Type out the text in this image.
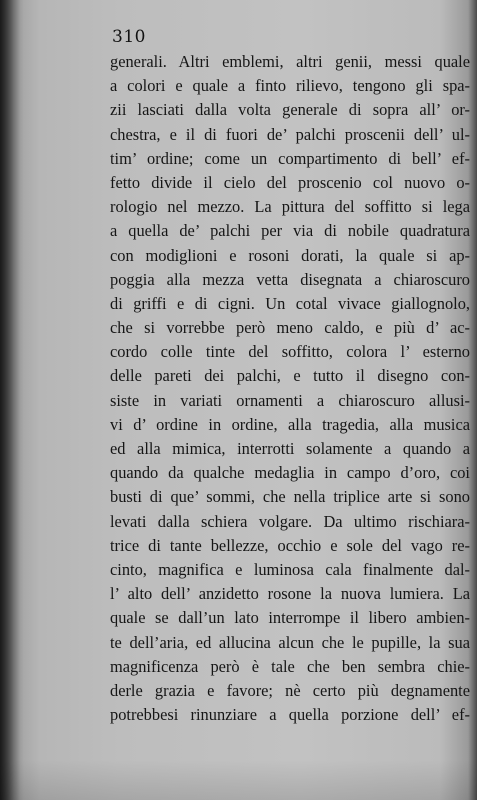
310
generali. Altri emblemi, altri genii, messi quale
a colori e quale a finto rilievo, tengono gli spa-
zii lasciati dalla volta generale di sopra all’ or-
chestra, e il di fuori de’ palchi proscenii dell’ ul-
tim’ ordine; come un compartimento di bell’ ef-
fetto divide il cielo del proscenio col nuovo o-
rologio nel mezzo. La pittura del soffitto si lega
a quella de’ palchi per via di nobile quadratura
con modiglioni e rosoni dorati, la quale si ap-
poggia alla mezza vetta disegnata a chiaroscuro
di griffi e di cigni. Un cotal vivace giallognolo,
che si vorrebbe però meno caldo, e più d’ ac-
cordo colle tinte del soffitto, colora l’ esterno
delle pareti dei palchi, e tutto il disegno con-
siste in variati ornamenti a chiaroscuro allusi-
vi d’ ordine in ordine, alla tragedia, alla musica
ed alla mimica, interrotti solamente a quando a
quando da qualche medaglia in campo d’oro, coi
busti di que’ sommi, che nella triplice arte si sono
levati dalla schiera volgare. Da ultimo rischiara-
trice di tante bellezze, occhio e sole del vago re-
cinto, magnifica e luminosa cala finalmente dal-
l’ alto dell’ anzidetto rosone la nuova lumiera. La
quale se dall’un lato interrompe il libero ambien-
te dell’aria, ed allucina alcun che le pupille, la sua
magnificenza però è tale che ben sembra chie-
derle grazia e favore; nè certo più degnamente
potrebbesi rinunziare a quella porzione dell’ ef-
